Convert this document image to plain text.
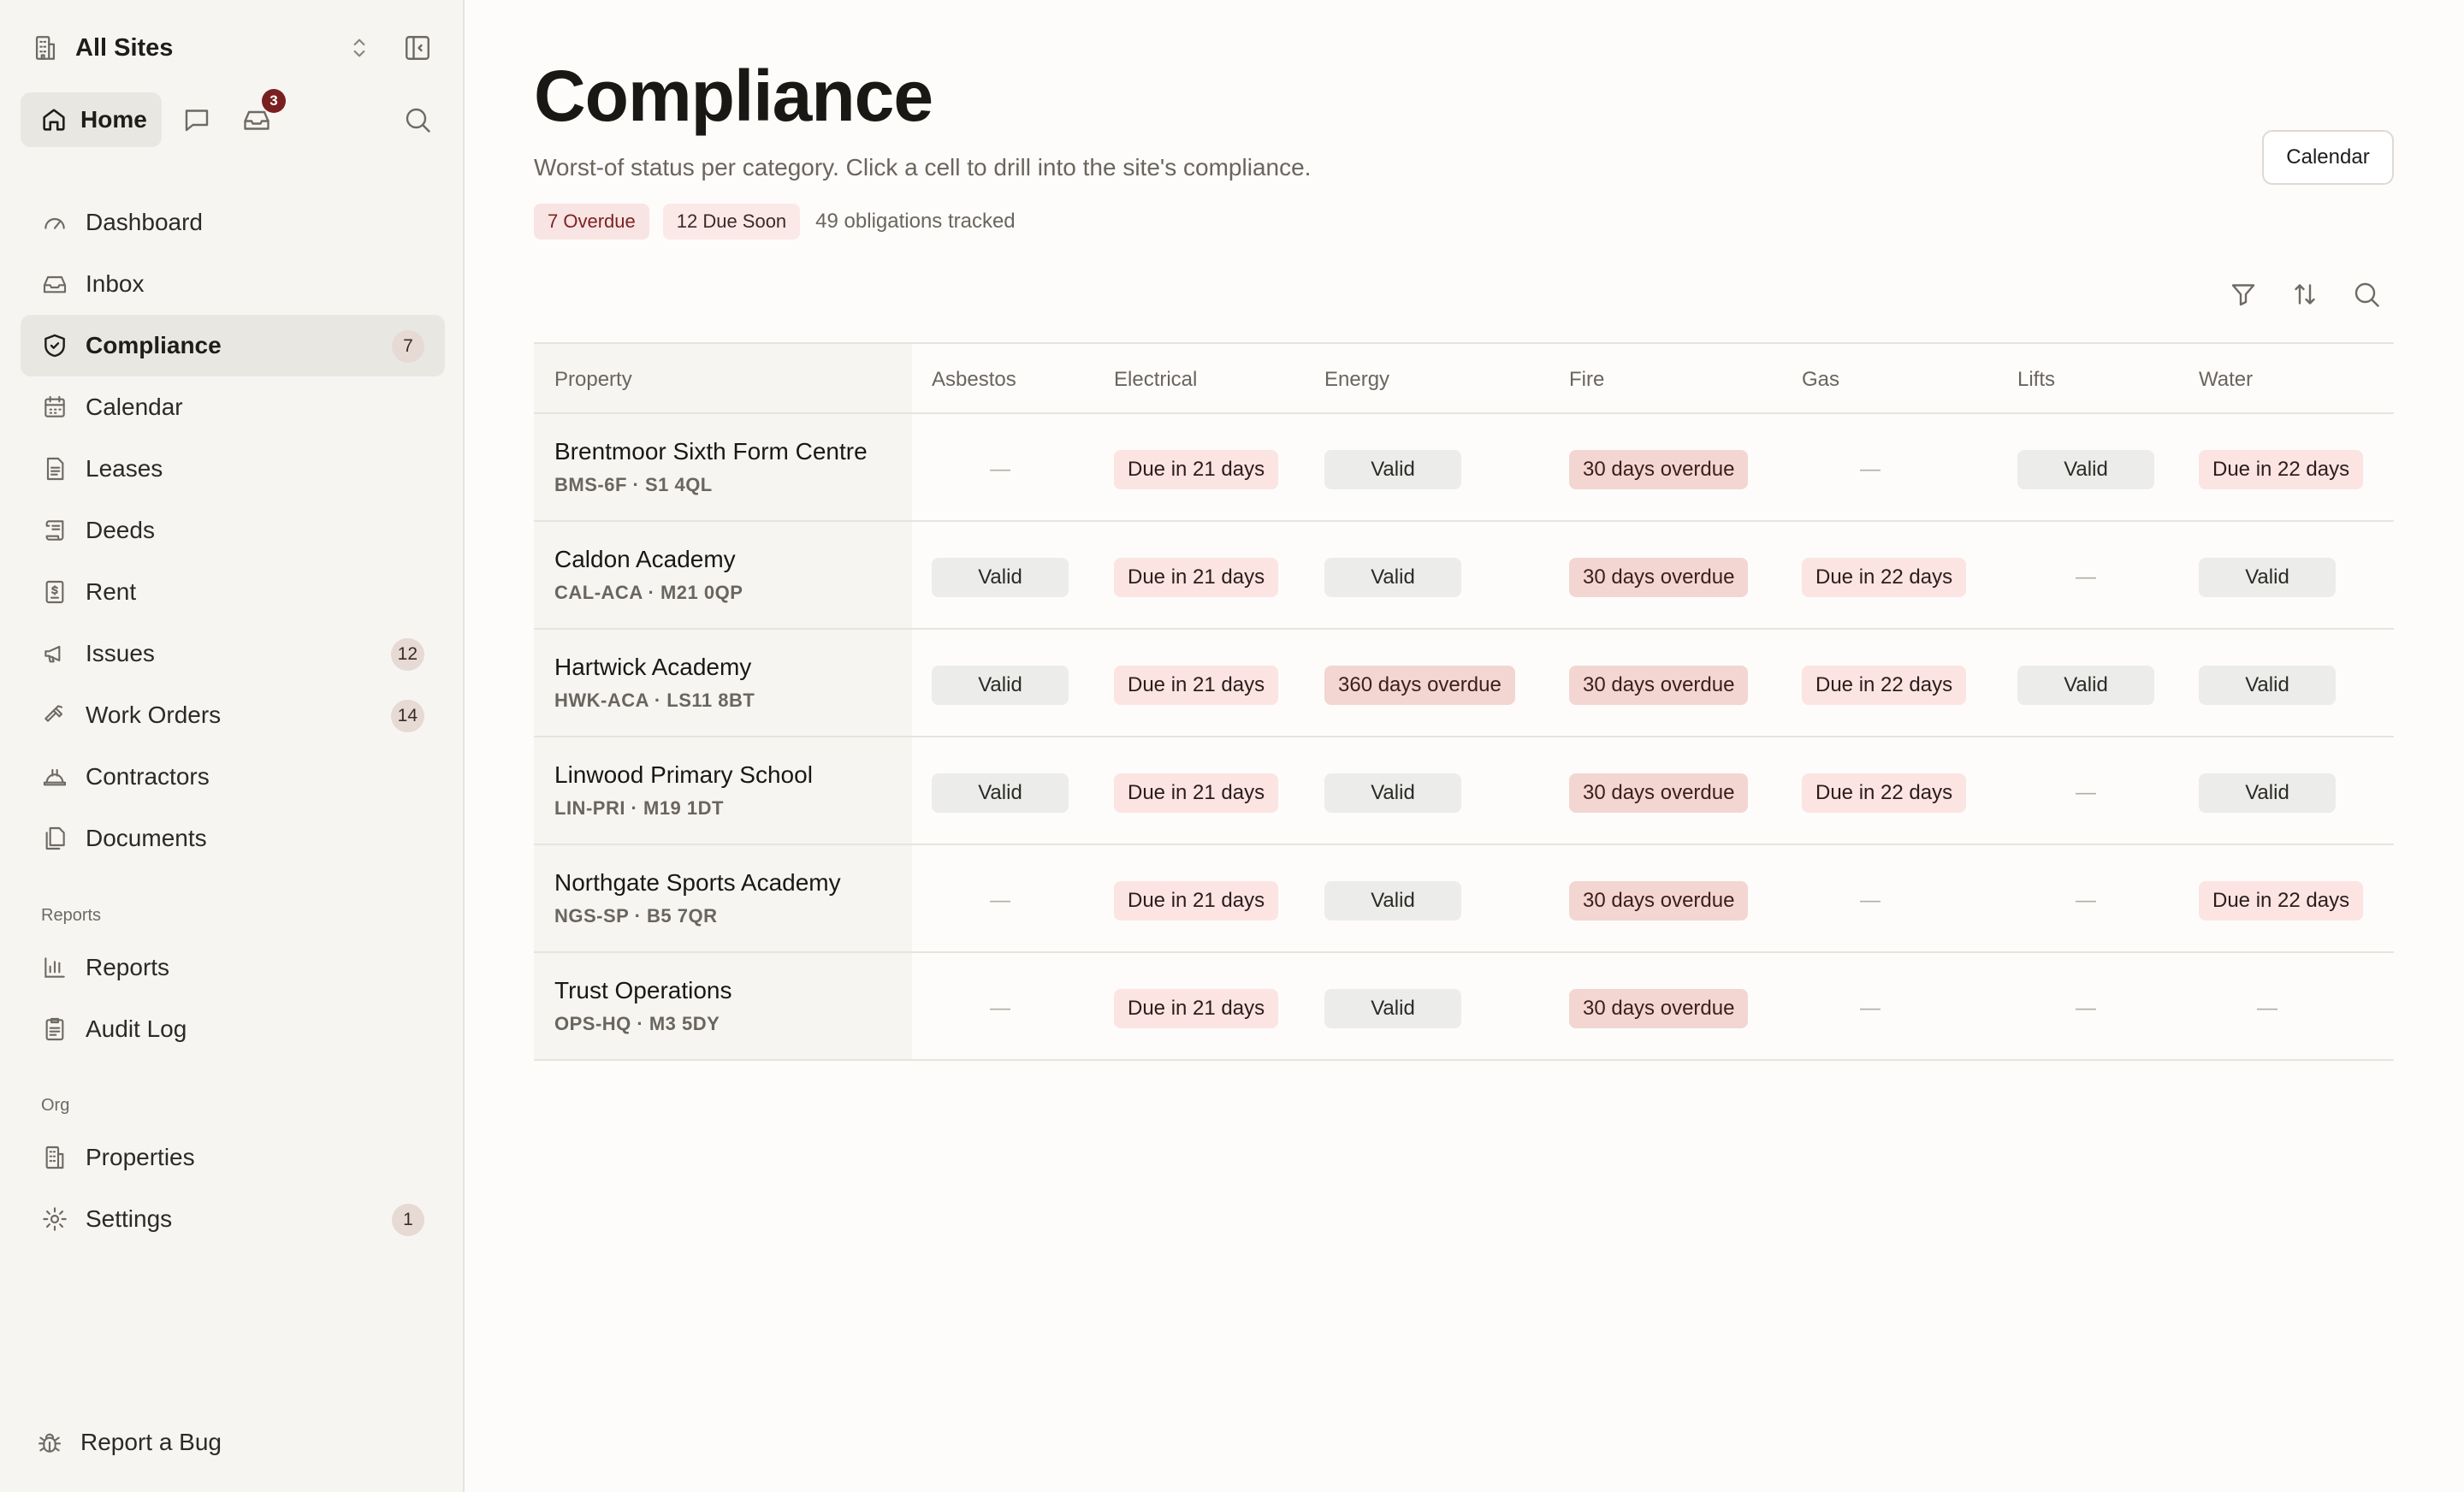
All Sites
Home
3
Dashboard
Inbox
Compliance	7
Calendar
Leases
Deeds
Rent
Issues	12
Work Orders	14
Contractors
Documents
Reports
Reports
Audit Log
Org
Properties
Settings	1
Report a Bug
Compliance

Worst-of status per category. Click a cell to drill into the site's compliance.	Calendar
7 Overdue	12 Due Soon	49 obligations tracked
Property	Asbestos	Electrical	Energy	Fire	Gas	Lifts	Water
Brentmoor Sixth Form Centre
BMS-6F · S1 4QL
—	Due in 21 days	Valid	30 days overdue	—	Valid	Due in 22 days
Caldon Academy
CAL-ACA · M21 0QP
Valid	Due in 21 days	Valid	30 days overdue	Due in 22 days	—	Valid
Hartwick Academy
HWK-ACA · LS11 8BT
Valid	Due in 21 days	360 days overdue	30 days overdue	Due in 22 days	Valid	Valid
Linwood Primary School
LIN-PRI · M19 1DT
Valid	Due in 21 days	Valid	30 days overdue	Due in 22 days	—	Valid
Northgate Sports Academy
NGS-SP · B5 7QR
—	Due in 21 days	Valid	30 days overdue	—	—	Due in 22 days
Trust Operations
OPS-HQ · M3 5DY
—	Due in 21 days	Valid	30 days overdue	—	—	—
